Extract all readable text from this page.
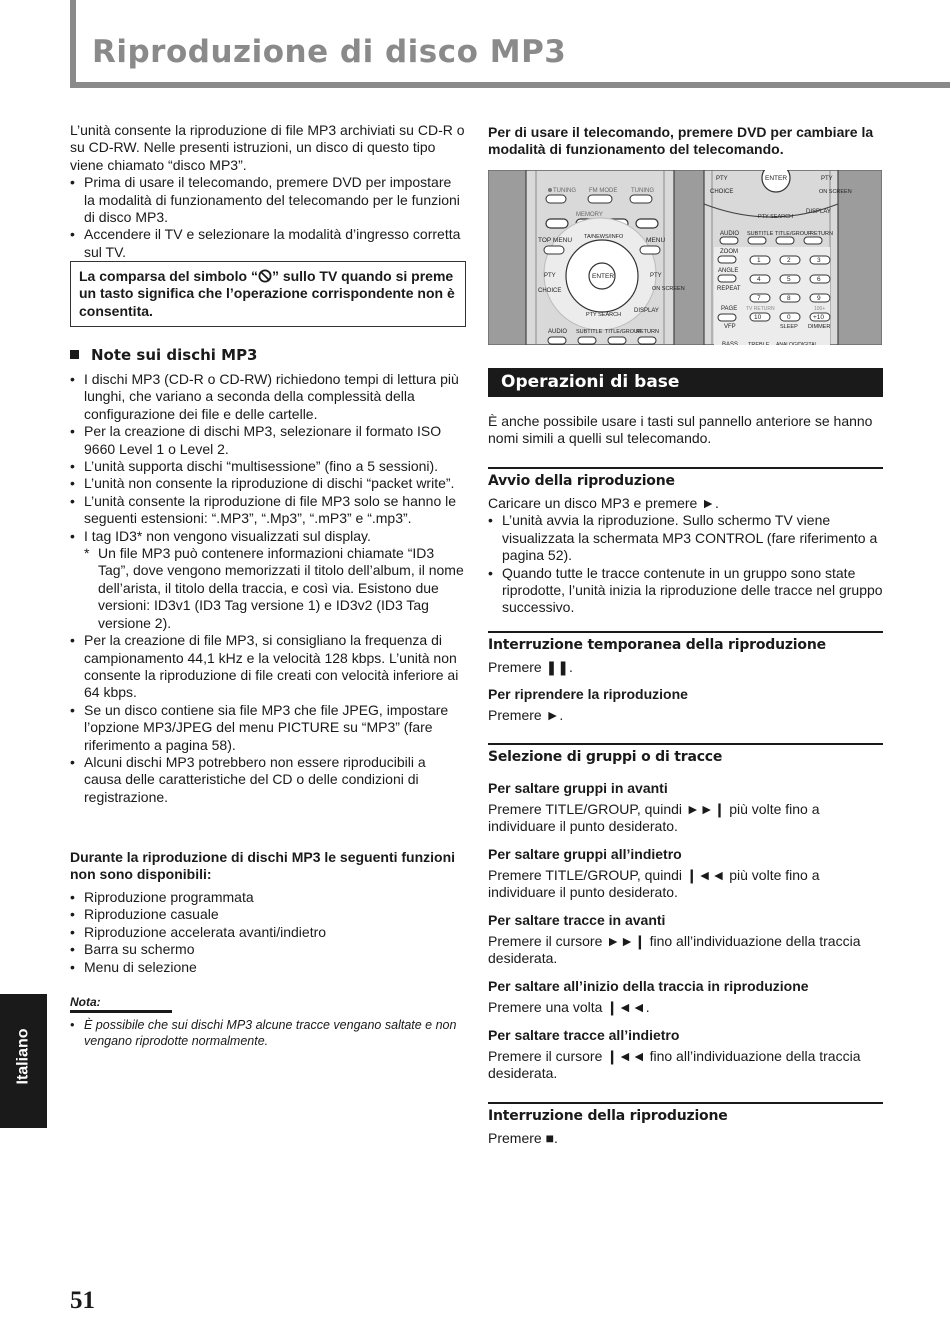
Riproduzione di disco MP3

L’unità consente la riproduzione di file MP3 archiviati su CD-R o su CD-RW. Nelle presenti istruzioni, un disco di questo tipo viene chiamato “disco MP3”.

• Prima di usare il telecomando, premere DVD per impostare la modalità di funzionamento del telecomando per le funzioni di disco MP3.

• Accendere il TV e selezionare la modalità d’ingresso corretta sul TV.

La comparsa del simbolo “ ” sullo TV quando si preme un tasto significa che l’operazione corrispondente non è consentita.
Note sui dischi MP3

• I dischi MP3 (CD-R o CD-RW) richiedono tempi di lettura più lunghi, che variano a seconda della complessità della configurazione dei file e delle cartelle.

• Per la creazione di dischi MP3, selezionare il formato ISO 9660 Level 1 o Level 2.

• L’unità supporta dischi “multisessione” (fino a 5 sessioni).

• L’unità non consente la riproduzione di dischi “packet write”.

• L’unità consente la riproduzione di file MP3 solo se hanno le seguenti estensioni: “.MP3”, “.Mp3”, “.mP3” e “.mp3”.

• I tag ID3* non vengono visualizzati sul display.

* Un file MP3 può contenere informazioni chiamate “ID3 Tag”, dove vengono memorizzati il titolo dell’album, il nome dell’arista, il titolo della traccia, e così via. Esistono due versioni: ID3v1 (ID3 Tag versione 1) e ID3v2 (ID3 Tag versione 2).

• Per la creazione di file MP3, si consigliano la frequenza di campionamento 44,1 kHz e la velocità 128 kbps. L’unità non consente la riproduzione di file creati con velocità inferiore ai 64 kbps.

• Se un disco contiene sia file MP3 che file JPEG, impostare l’opzione MP3/JPEG del menu PICTURE su “MP3” (fare riferimento a pagina 58).

• Alcuni dischi MP3 potrebbero non essere riproducibili a causa delle caratteristiche del CD o delle condizioni di registrazione.

Durante la riproduzione di dischi MP3 le seguenti funzioni non sono disponibili:

• Riproduzione programmata

• Riproduzione casuale

• Riproduzione accelerata avanti/indietro

• Barra su schermo

• Menu di selezione

Nota:
• È possibile che sui dischi MP3 alcune tracce vengano saltate e non vengano riprodotte normalmente.
Italiano
51
Per di usare il telecomando, premere DVD per cambiare la modalità di funzionamento del telecomando.
TUNING FM MODE TUNING
MEMORY
TOP MENU TA/NEWS/INFO	MENU
ENTER
PTY
CHOICE
PTY
ON SCREEN
PTY SEARCH
DISPLAY
AUDIO SUBTITLE TITLE/GROUP
RETURN
PTY
CHOICE
ENTER	PTY
ON SCREEN
PTY SEARCH
DISPLAY
AUDIO SUBTITLE TITLE/GROUP
RETURN
ZOOM
ANGLE
REPEAT
PAGE
VFP
BASS
1	2	3
4	5	6
7	8	9
10	0	+10
TV RETURN	100+
SLEEP DIMMER
TREBLE ANALOG/DIGITAL
Operazioni di base

È anche possibile usare i tasti sul pannello anteriore se hanno nomi simili a quelli sul telecomando.

Avvio della riproduzione

Caricare un disco MP3 e premere ►.

• L’unità avvia la riproduzione. Sullo schermo TV viene visualizzata la schermata MP3 CONTROL (fare riferimento a pagina 52).

• Quando tutte le tracce contenute in un gruppo sono state riprodotte, l’unità inizia la riproduzione delle tracce nel gruppo successivo.

Interruzione temporanea della riproduzione

Premere ❚❚.

Per riprendere la riproduzione

Premere ►.

Selezione di gruppi o di tracce
Per saltare gruppi in avanti

Premere TITLE/GROUP, quindi ►►❙ più volte fino a individuare il punto desiderato.

Per saltare gruppi all’indietro

Premere TITLE/GROUP, quindi ❙◄◄ più volte fino a individuare il punto desiderato.

Per saltare tracce in avanti

Premere il cursore ►►❙ fino all’individuazione della traccia desiderata.

Per saltare all’inizio della traccia in riproduzione

Premere una volta ❙◄◄.

Per saltare tracce all’indietro

Premere il cursore ❙◄◄ fino all’individuazione della traccia desiderata.

Interruzione della riproduzione

Premere ■.
